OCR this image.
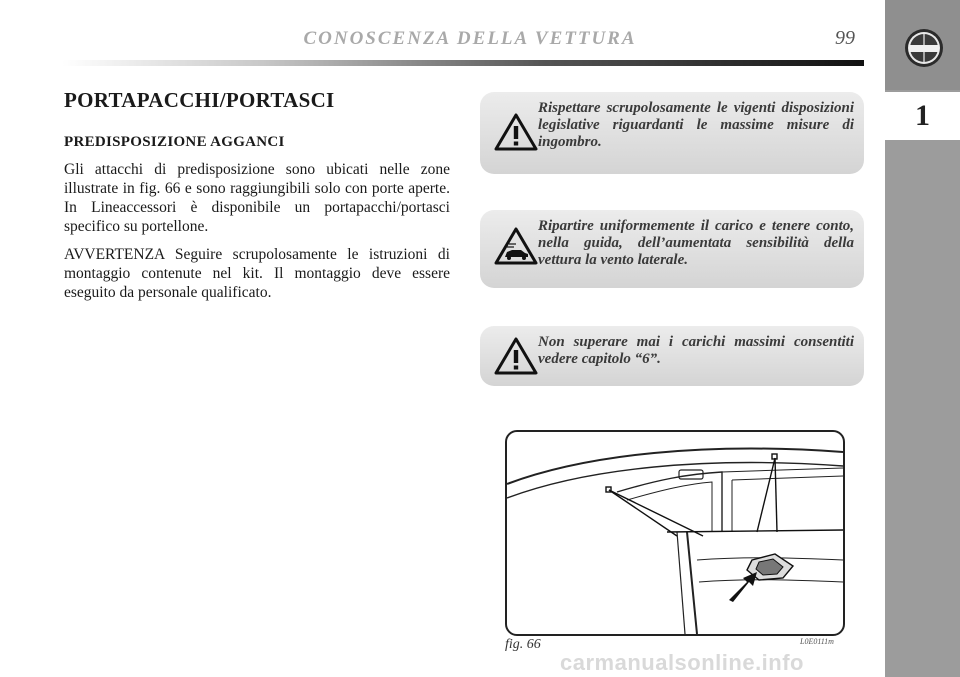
CONOSCENZA DELLA VETTURA	99
1
PORTAPACCHI/PORTASCI
PREDISPOSIZIONE AGGANCI
Gli attacchi di predisposizione sono ubicati nelle zone illustrate in fig. 66 e sono raggiungibili solo con porte aperte. In Lineaccessori è disponibile un portapacchi/portasci specifico su portellone.
AVVERTENZA Seguire scrupolosamente le istruzioni di montaggio contenute nel kit. Il montaggio deve essere eseguito da personale qualificato.
Rispettare scrupolosamente le vigenti disposizioni legislative riguardanti le massime misure di ingombro.
Ripartire uniformemente il carico e tenere conto, nella guida, dell’aumentata sensibilità della vettura la vento laterale.
Non superare mai i carichi massimi consentiti vedere capitolo “6”.
fig. 66	L0E0111m
carmanualsonline.info
